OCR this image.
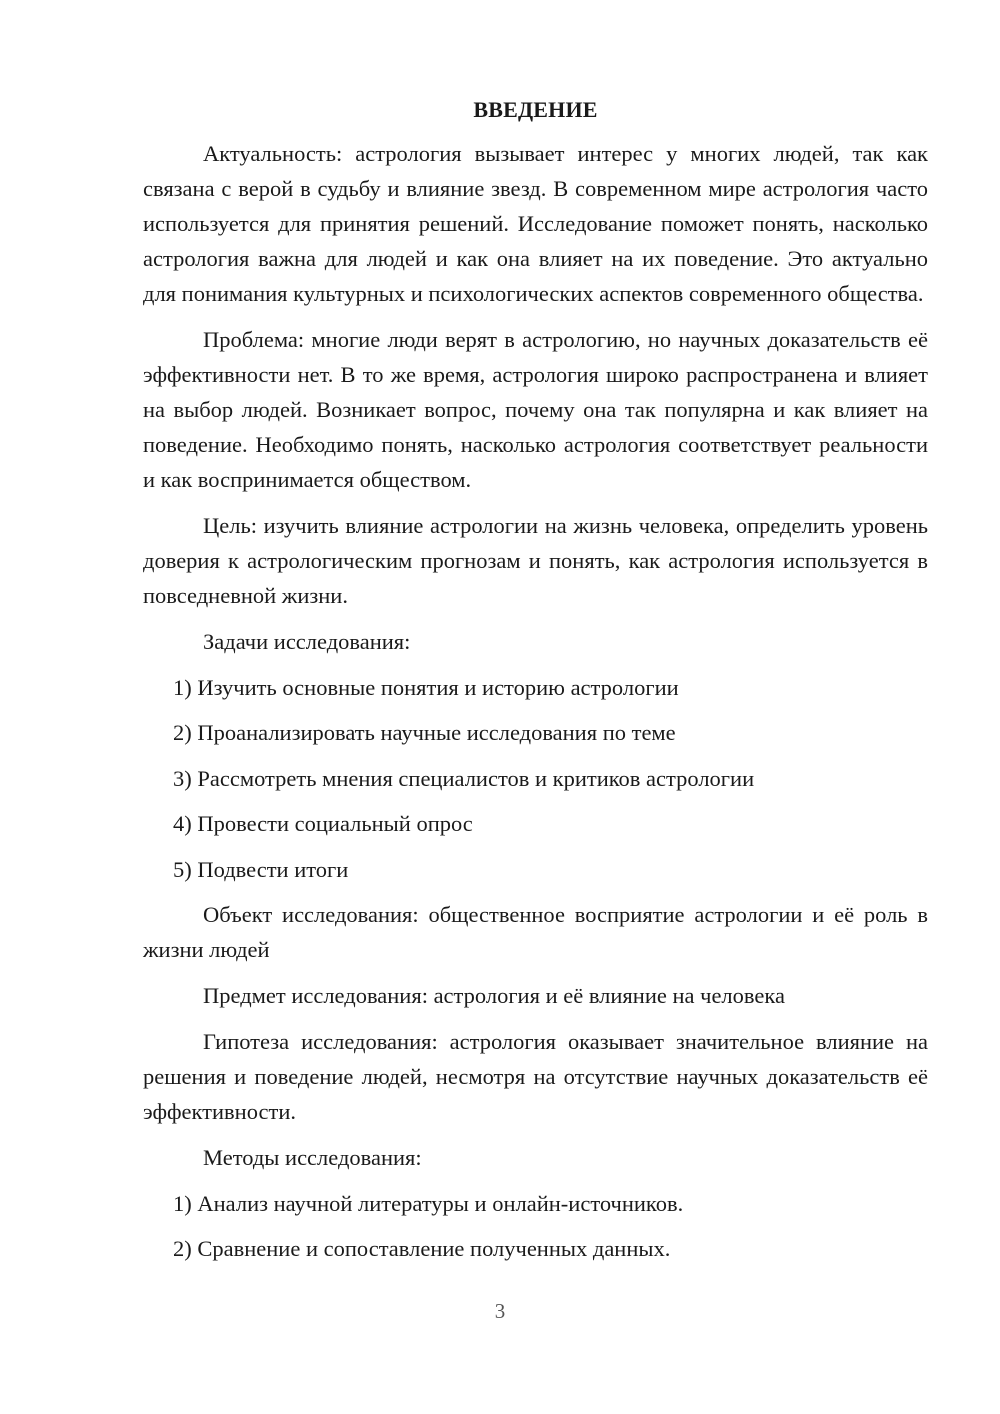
ВВЕДЕНИЕ

Актуальность: астрология вызывает интерес у многих людей, так как связана с верой в судьбу и влияние звезд. В современном мире астрология часто используется для принятия решений. Исследование поможет понять, насколько астрология важна для людей и как она влияет на их поведение. Это актуально для понимания культурных и психологических аспектов современного общества.

Проблема: многие люди верят в астрологию, но научных доказательств её эффективности нет. В то же время, астрология широко распространена и влияет на выбор людей. Возникает вопрос, почему она так популярна и как влияет на поведение. Необходимо понять, насколько астрология соответствует реальности и как воспринимается обществом.

Цель: изучить влияние астрологии на жизнь человека, определить уровень доверия к астрологическим прогнозам и понять, как астрология используется в повседневной жизни.

Задачи исследования:
1) Изучить основные понятия и историю астрологии
2) Проанализировать научные исследования по теме
3) Рассмотреть мнения специалистов и критиков астрологии
4) Провести социальный опрос
5) Подвести итоги

Объект исследования: общественное восприятие астрологии и её роль в жизни людей

Предмет исследования: астрология и её влияние на человека

Гипотеза исследования: астрология оказывает значительное влияние на решения и поведение людей, несмотря на отсутствие научных доказательств её эффективности.

Методы исследования:
1) Анализ научной литературы и онлайн-источников.
2) Сравнение и сопоставление полученных данных.
3
